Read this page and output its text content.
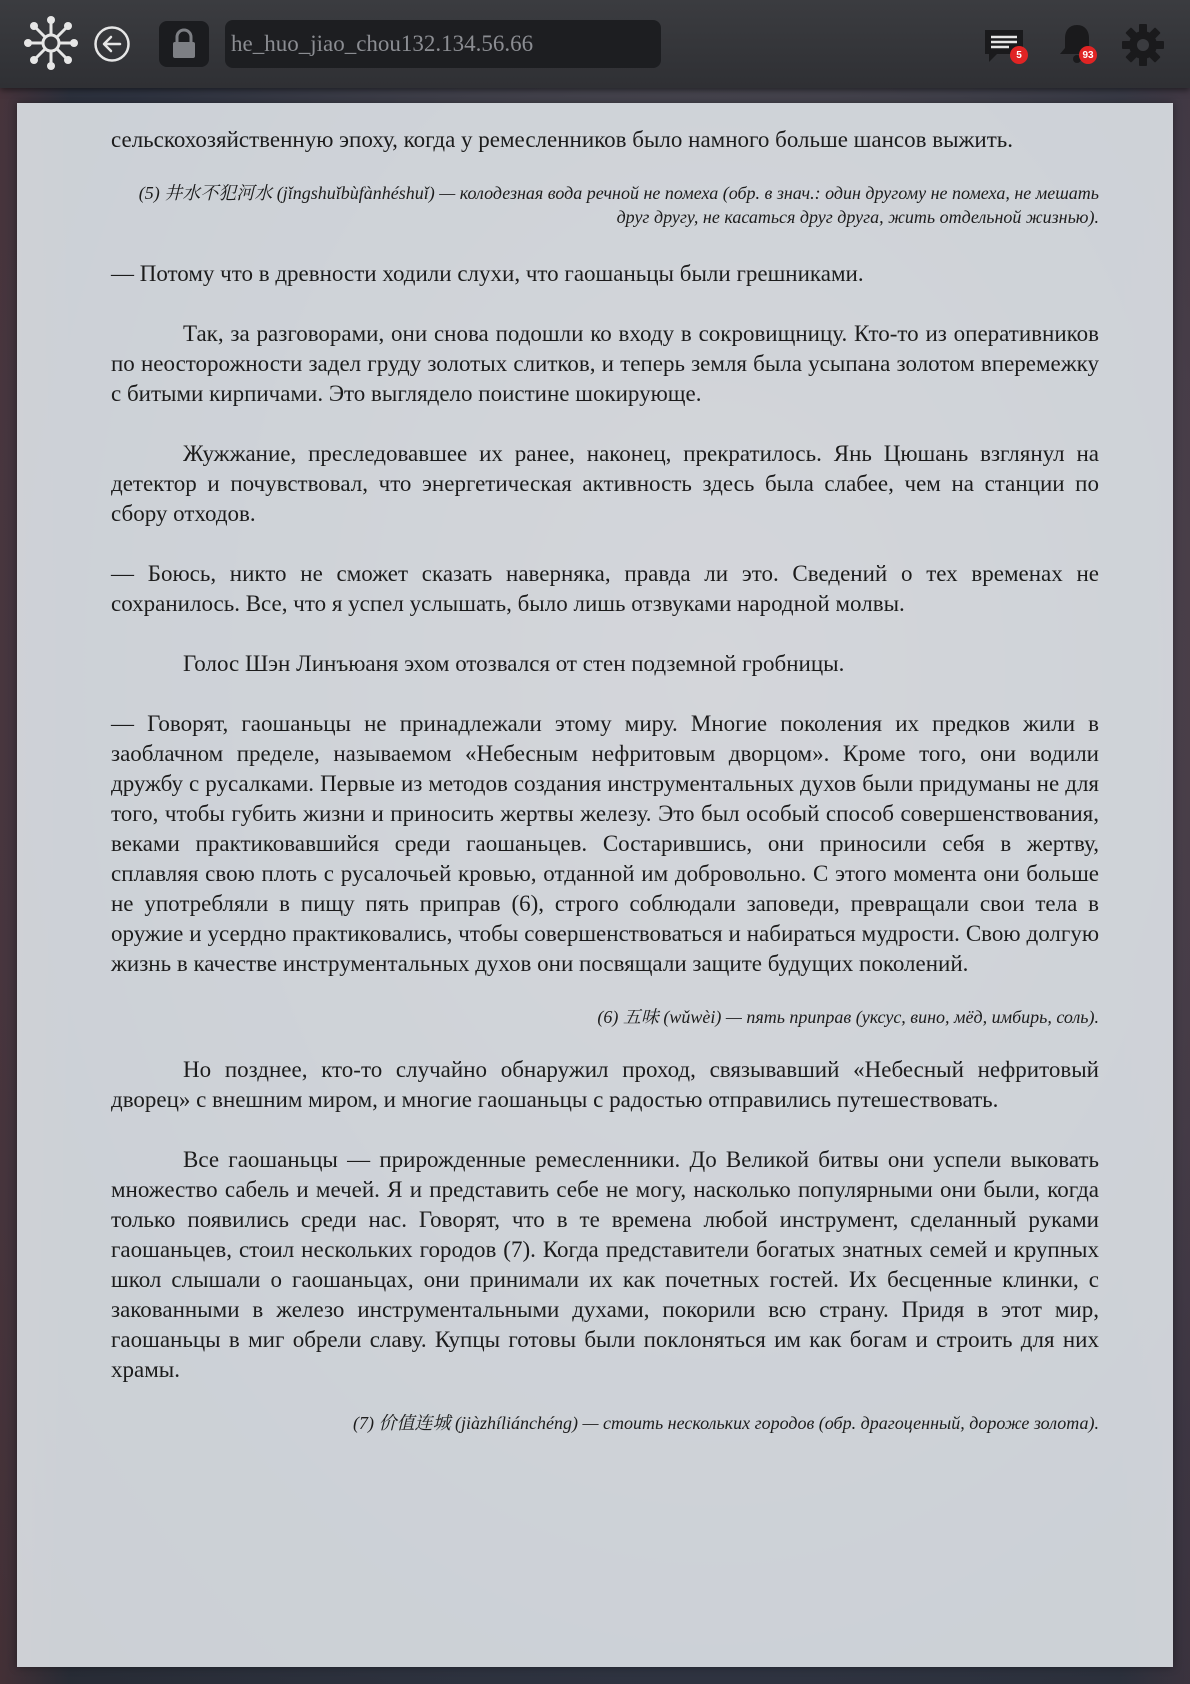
he_huo_jiao_chou132.134.56.66	5	93

сельскохозяйственную эпоху, когда у ремесленников было намного больше шансов выжить.

(5) 井水不犯河水 (jǐngshuǐbùfànhéshuǐ) — колодезная вода речной не помеха (обр. в знач.: один другому не помеха, не мешать друг другу, не касаться друг друга, жить отдельной жизнью).

— Потому что в древности ходили слухи, что гаошаньцы были грешниками.

Так, за разговорами, они снова подошли ко входу в сокровищницу. Кто-то из оперативников по неосторожности задел груду золотых слитков, и теперь земля была усыпана золотом вперемежку с битыми кирпичами. Это выглядело поистине шокирующе.

Жужжание, преследовавшее их ранее, наконец, прекратилось. Янь Цюшань взглянул на детектор и почувствовал, что энергетическая активность здесь была слабее, чем на станции по сбору отходов.

— Боюсь, никто не сможет сказать наверняка, правда ли это. Сведений о тех временах не сохранилось. Все, что я успел услышать, было лишь отзвуками народной молвы.

Голос Шэн Линъюаня эхом отозвался от стен подземной гробницы.

— Говорят, гаошаньцы не принадлежали этому миру. Многие поколения их предков жили в заоблачном пределе, называемом «Небесным нефритовым дворцом». Кроме того, они водили дружбу с русалками. Первые из методов создания инструментальных духов были придуманы не для того, чтобы губить жизни и приносить жертвы железу. Это был особый способ совершенствования, веками практиковавшийся среди гаошаньцев. Состарившись, они приносили себя в жертву, сплавляя свою плоть с русалочьей кровью, отданной им добровольно. С этого момента они больше не употребляли в пищу пять приправ (6), строго соблюдали заповеди, превращали свои тела в оружие и усердно практиковались, чтобы совершенствоваться и набираться мудрости. Свою долгую жизнь в качестве инструментальных духов они посвящали защите будущих поколений.

(6) 五味 (wǔwèi) — пять приправ (уксус, вино, мёд, имбирь, соль).

Но позднее, кто-то случайно обнаружил проход, связывавший «Небесный нефритовый дворец» с внешним миром, и многие гаошаньцы с радостью отправились путешествовать.

Все гаошаньцы — прирожденные ремесленники. До Великой битвы они успели выковать множество сабель и мечей. Я и представить себе не могу, насколько популярными они были, когда только появились среди нас. Говорят, что в те времена любой инструмент, сделанный руками гаошаньцев, стоил нескольких городов (7). Когда представители богатых знатных семей и крупных школ слышали о гаошаньцах, они принимали их как почетных гостей. Их бесценные клинки, с закованными в железо инструментальными духами, покорили всю страну. Придя в этот мир, гаошаньцы в миг обрели славу. Купцы готовы были поклоняться им как богам и строить для них храмы.

(7) 价值连城 (jiàzhíliánchéng) — стоить нескольких городов (обр. драгоценный, дороже золота).
